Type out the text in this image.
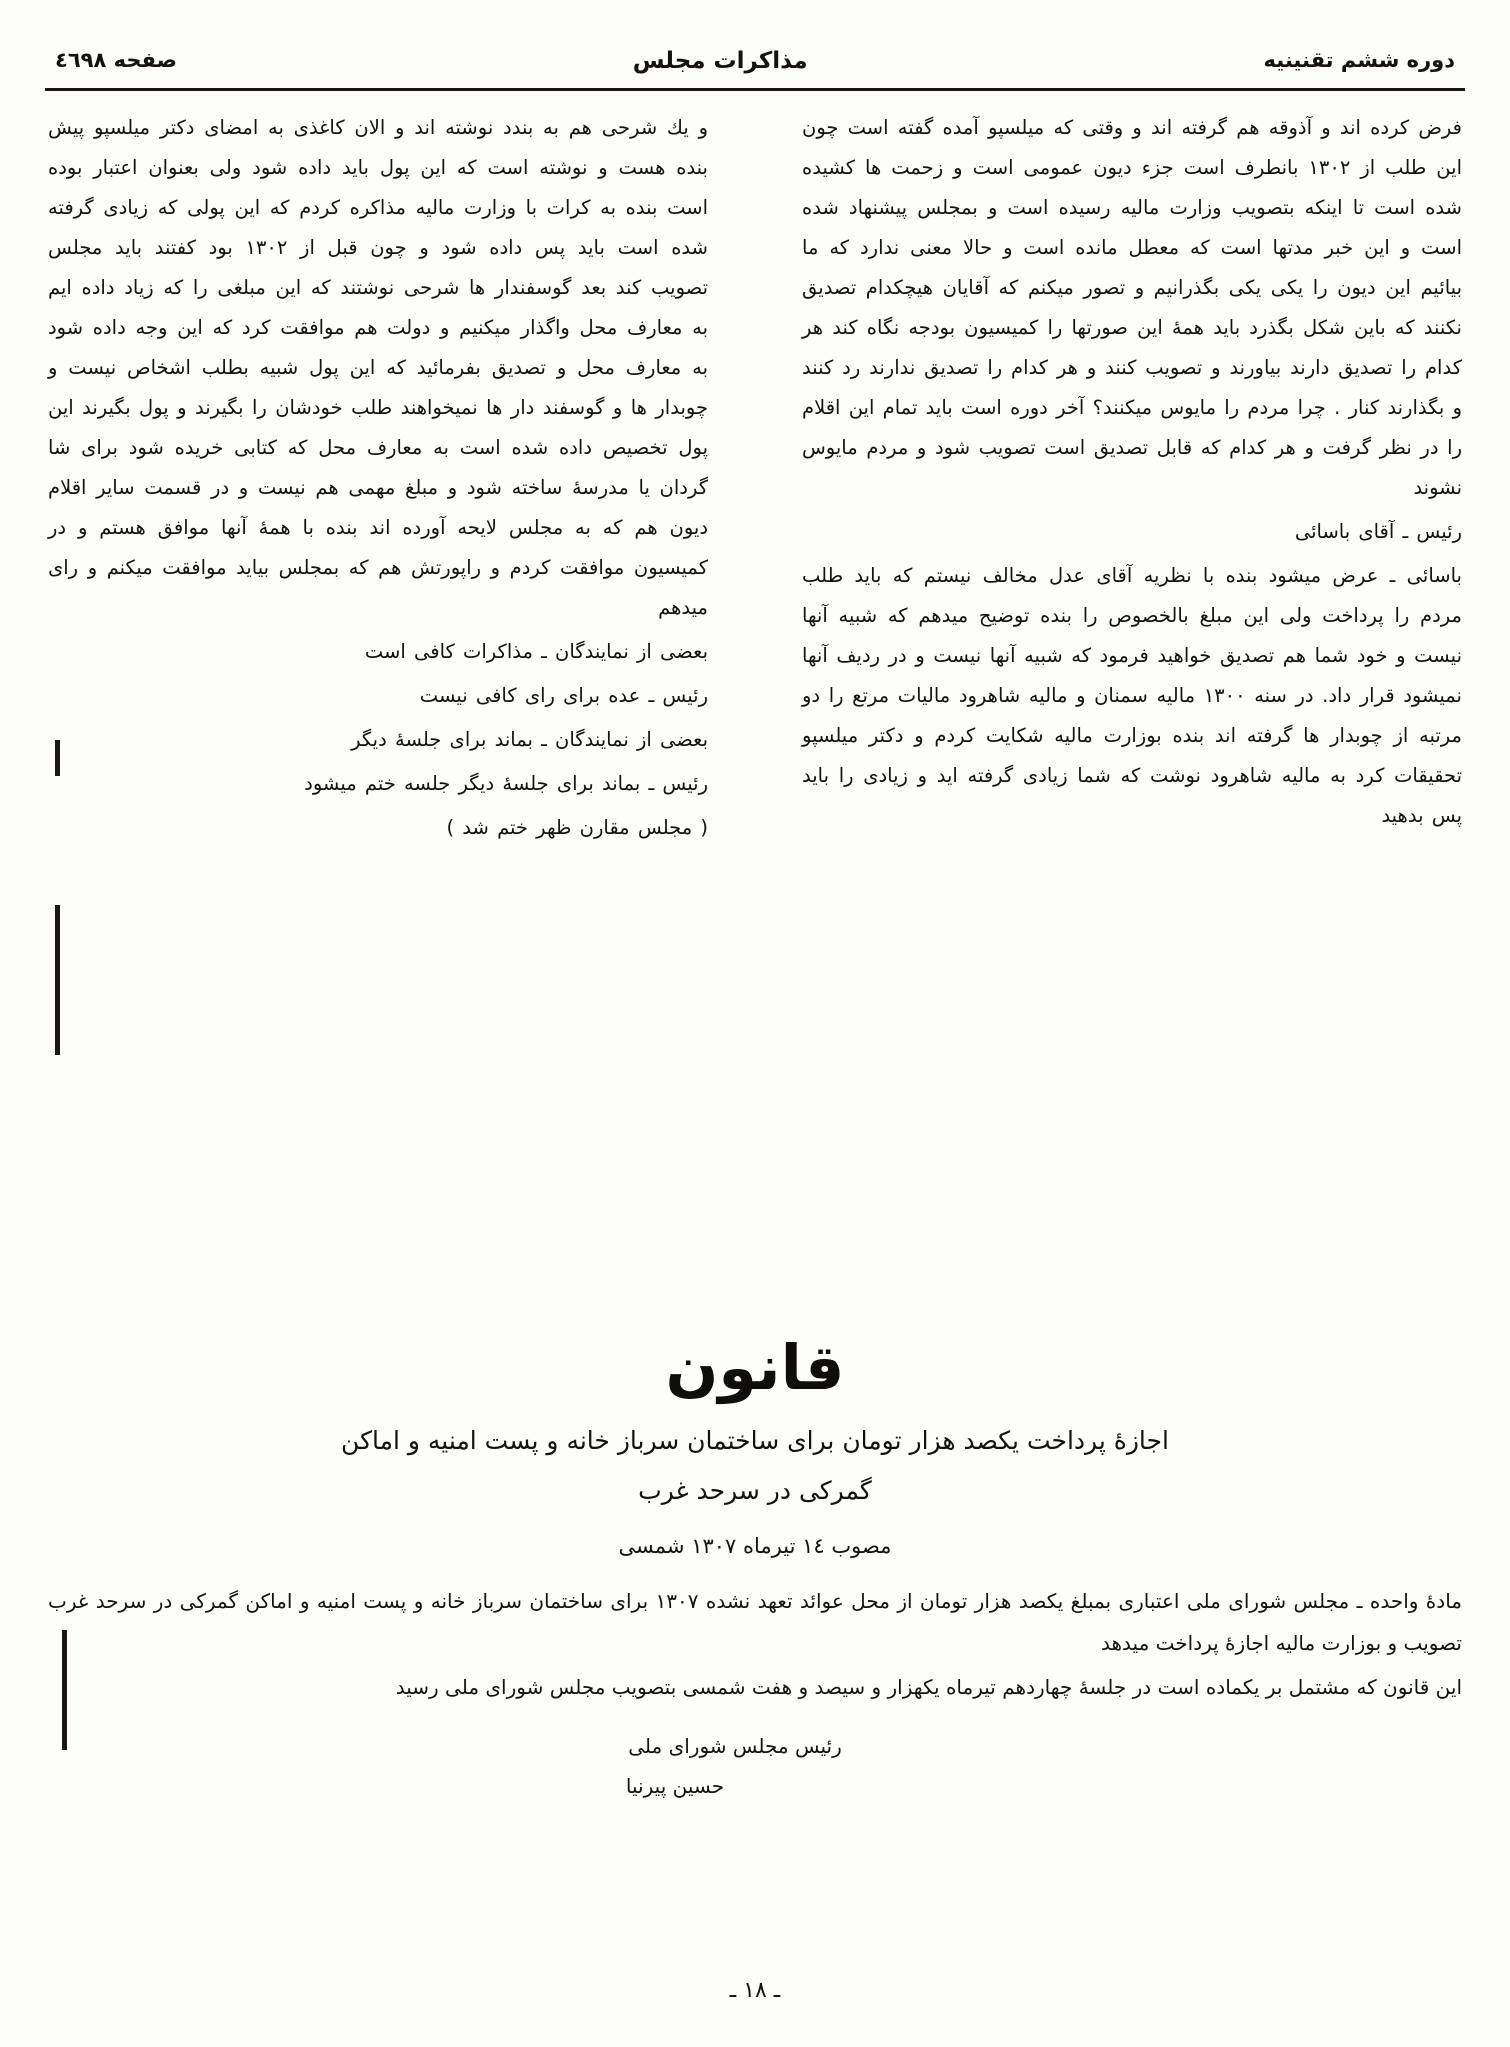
دوره ششم تقنینیه
مذاکرات مجلس
صفحه ٤٦٩٨

فرض کرده اند و آذوقه هم گرفته اند و وقتی که میلسپو آمده گفته است چون این طلب از ١٣٠٢ بانطرف است جزء دیون عمومی است و زحمت ها کشیده شده است تا اینکه بتصویب وزارت مالیه رسیده است و بمجلس پیشنهاد شده است و این خبر مدتها است که معطل مانده است و حالا معنی ندارد که ما بیائیم این دیون را یکی یکی بگذرانیم و تصور میکنم که آقایان هیچکدام تصدیق نکنند که باین شکل بگذرد باید همهٔ این صورتها را کمیسیون بودجه نگاه کند هر کدام را تصدیق دارند بیاورند و تصویب کنند و هر کدام را تصدیق ندارند رد کنند و بگذارند کنار . چرا مردم را مایوس میکنند؟ آخر دوره است باید تمام این اقلام را در نظر گرفت و هر کدام که قابل تصدیق است تصویب شود و مردم مایوس نشوند

رئیس ـ آقای باسائی

باسائی ـ عرض میشود بنده با نظریه آقای عدل مخالف نیستم که باید طلب مردم را پرداخت ولی این مبلغ بالخصوص را بنده توضیح میدهم که شبیه آنها نیست و خود شما هم تصدیق خواهید فرمود که شبیه آنها نیست و در ردیف آنها نمیشود قرار داد. در سنه ١٣٠٠ مالیه سمنان و مالیه شاهرود مالیات مرتع را دو مرتبه از چوبدار ها گرفته اند بنده بوزارت مالیه شکایت کردم و دکتر میلسپو تحقیقات کرد به مالیه شاهرود نوشت که شما زیادی گرفته اید و زیادی را باید پس بدهید

و یك شرحی هم به بندد نوشته اند و الان كاغذی به امضای دكتر میلسپو پیش بنده هست و نوشته است كه این پول باید داده شود ولی بعنوان اعتبار بوده است بنده به كرات با وزارت مالیه مذاكره كردم كه این پولی كه زیادی گرفته شده است باید پس داده شود و چون قبل از ١٣٠٢ بود كفتند باید مجلس تصویب كند بعد گوسفندار ها شرحی نوشتند كه این مبلغی را كه زیاد داده ایم به معارف محل واگذار میكنیم و دولت هم موافقت كرد كه این وجه داده شود به معارف محل و تصدیق بفرمائید كه این پول شبیه بطلب اشخاص نیست و چوبدار ها و گوسفند دار ها نمیخواهند طلب خودشان را بگیرند و پول بگیرند این پول تخصیص داده شده است به معارف محل كه كتابی خریده شود برای شا گردان یا مدرسهٔ ساخته شود و مبلغ مهمی هم نیست و در قسمت سایر اقلام دیون هم كه به مجلس لایحه آورده اند بنده با همهٔ آنها موافق هستم و در كمیسیون موافقت كردم و راپورتش هم كه بمجلس بیاید موافقت میكنم و رای میدهم

بعضی از نمایندگان ـ مذاكرات كافی است

رئیس ـ عده برای رای كافی نیست

بعضی از نمایندگان ـ بماند برای جلسهٔ دیگر

رئیس ـ بماند برای جلسهٔ دیگر جلسه ختم میشود

( مجلس مقارن ظهر ختم شد )

قانون
اجازهٔ پرداخت یکصد هزار تومان برای ساختمان سرباز خانه و پست امنیه و اماکن
گمرکی در سرحد غرب
مصوب ١٤ تیرماه ١٣٠٧ شمسی

مادهٔ واحده ـ مجلس شورای ملی اعتباری بمبلغ یکصد هزار تومان از محل عوائد تعهد نشده ١٣٠٧ برای ساختمان سرباز خانه و پست امنیه و اماکن گمرکی در سرحد غرب تصویب و بوزارت مالیه اجازهٔ پرداخت میدهد

این قانون که مشتمل بر یکماده است در جلسهٔ چهاردهم تیرماه یکهزار و سیصد و هفت شمسی بتصویب مجلس شورای ملی رسید

رئیس مجلس شورای ملی

حسین پیرنیا

ـ ١٨ ـ
